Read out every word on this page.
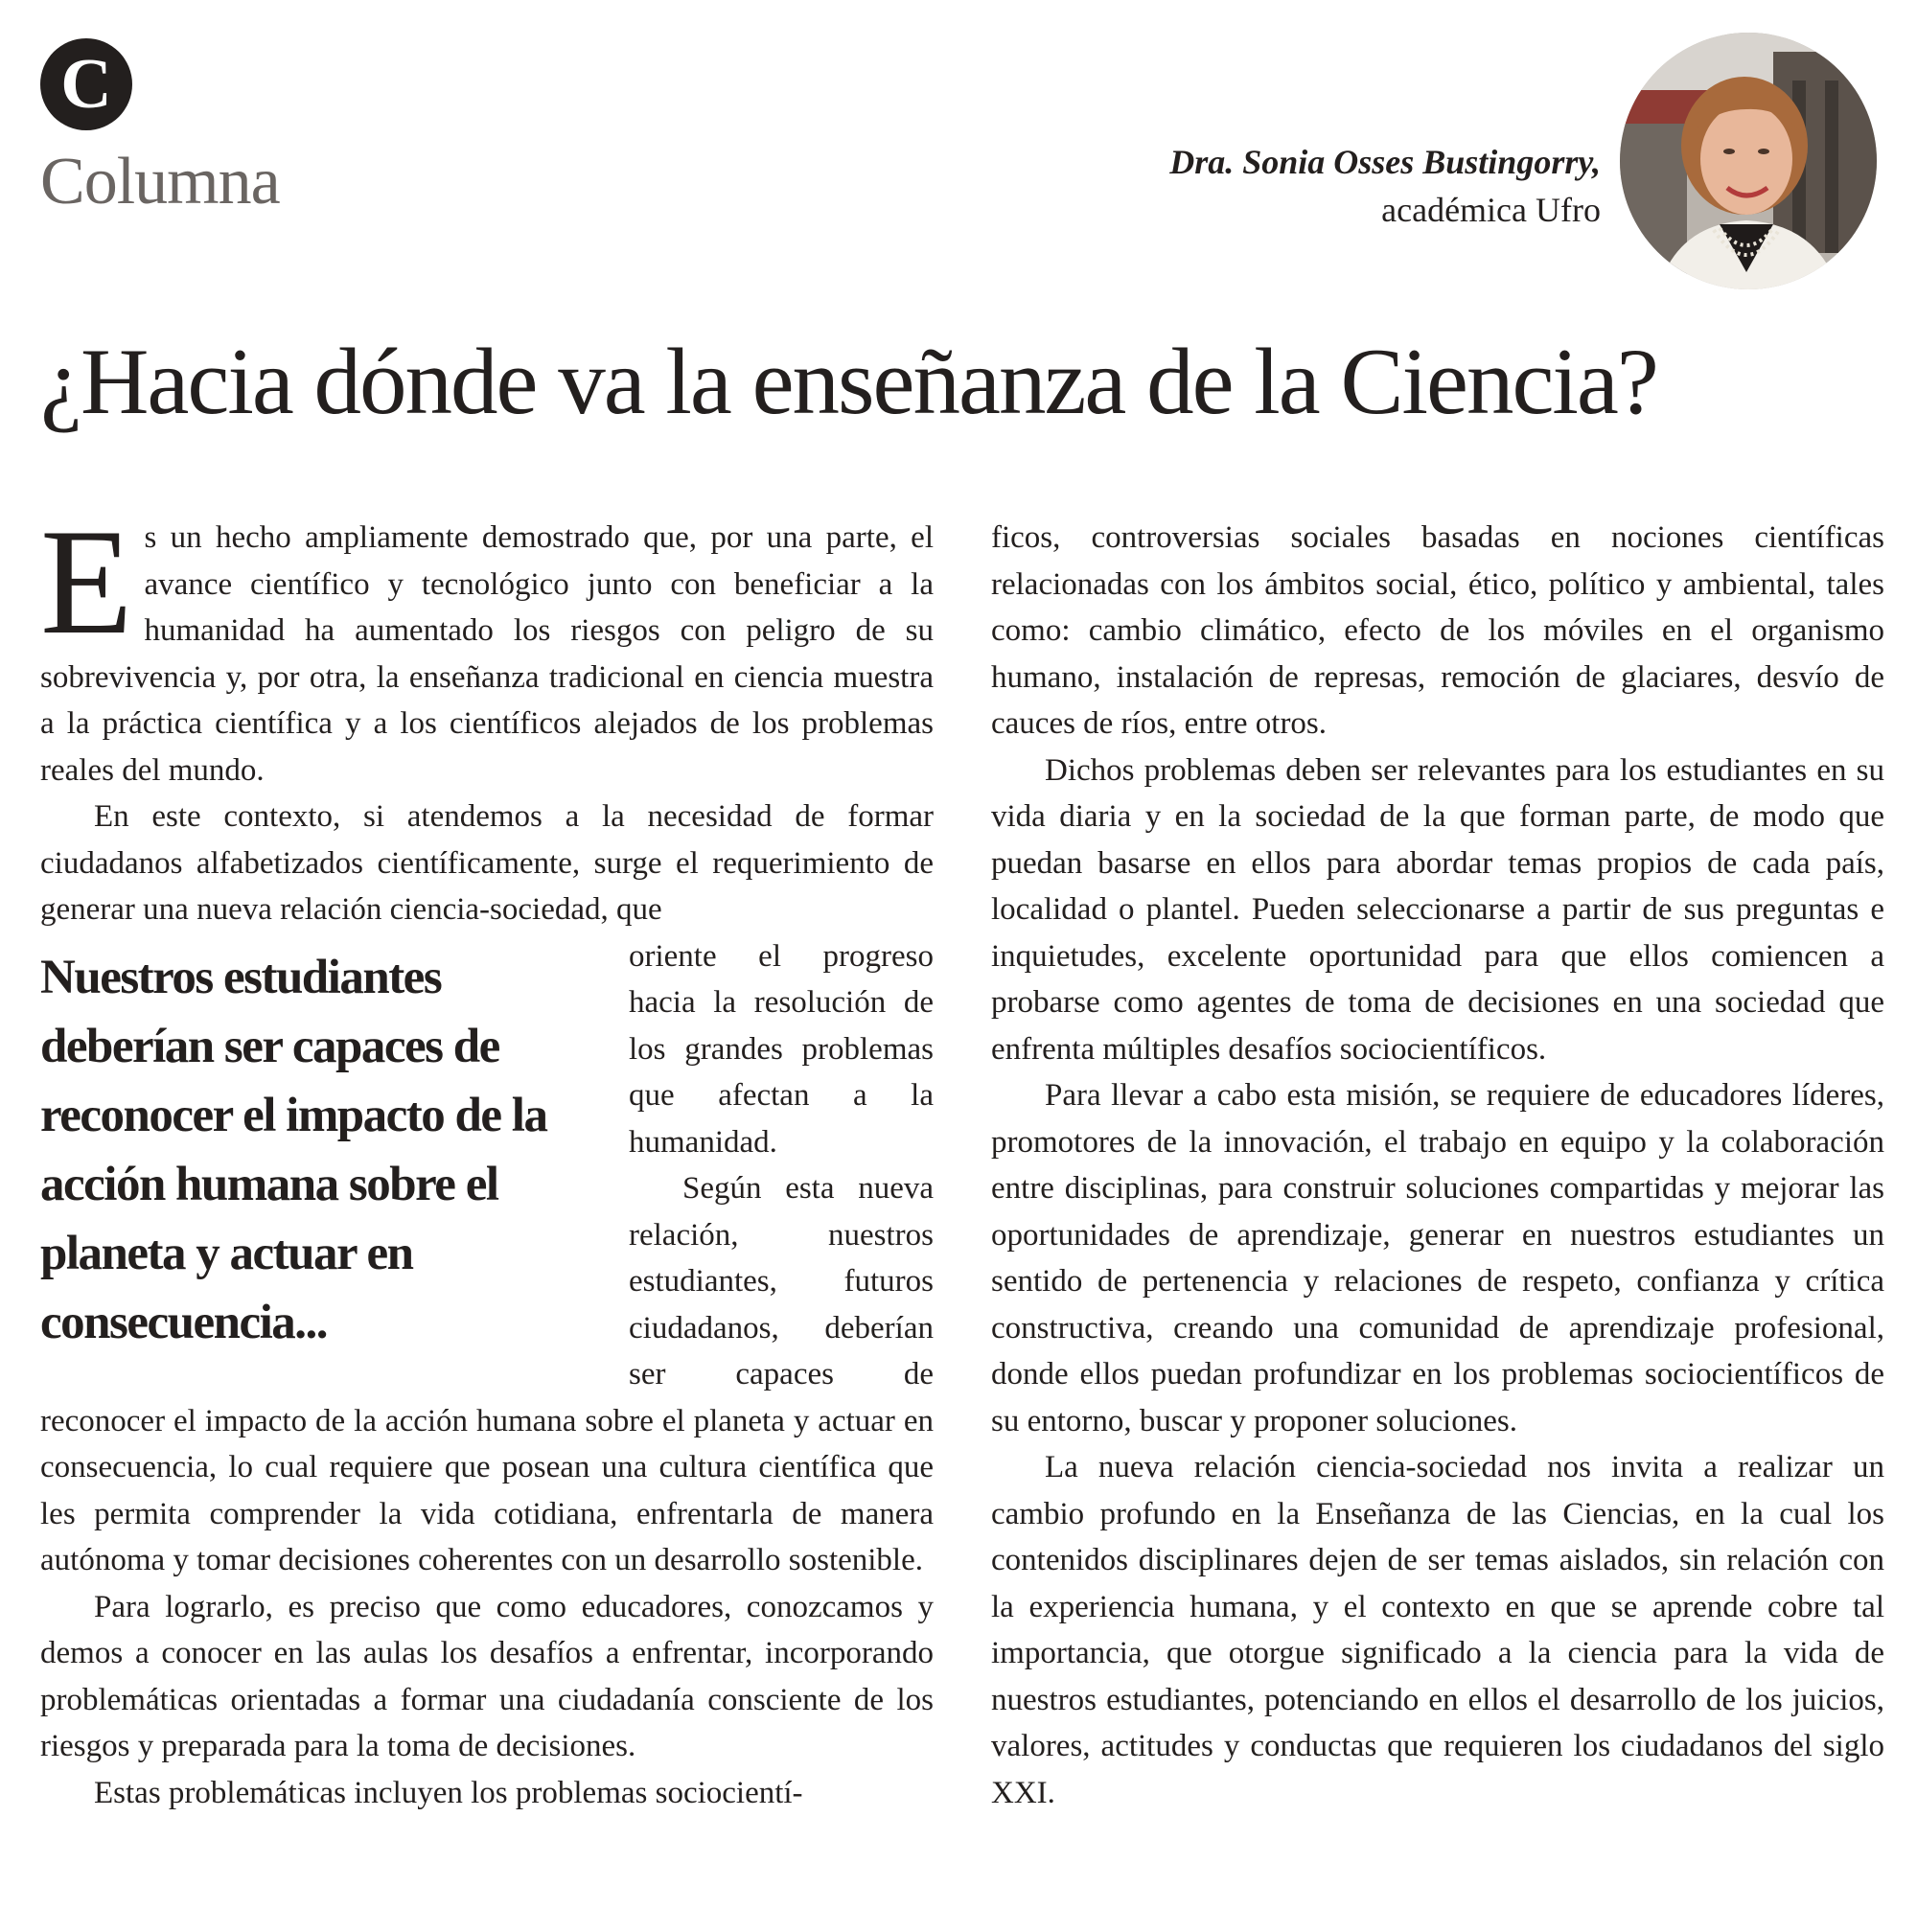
C
Columna	Dra. Sonia Osses Bustingorry,
académica Ufro
¿Hacia dónde va la enseñanza de la Ciencia?

Es un hecho ampliamente demostrado que, por una parte, el avance científico y tecnológico junto con beneficiar a la humanidad ha aumentado los riesgos con peligro de su sobrevivencia y, por otra, la enseñanza tradicional en ciencia muestra a la práctica científica y a los científicos alejados de los problemas reales del mundo.

En este contexto, si atendemos a la necesidad de formar ciudadanos alfabetizados científicamente, surge el requerimiento de generar una nueva relación ciencia-sociedad, que

Nuestros estudiantes deberían ser capaces de reconocer el impacto de la acción humana sobre el planeta y actuar en consecuencia...

oriente el progreso hacia la resolución de los grandes problemas que afectan a la humanidad.

Según esta nueva relación, nuestros estudiantes, futuros ciudadanos, deberían ser capaces de reconocer el impacto de la acción humana sobre el planeta y actuar en consecuencia, lo cual requiere que posean una cultura científica que les permita comprender la vida cotidiana, enfrentarla de manera autónoma y tomar decisiones coherentes con un desarrollo sostenible.

Para lograrlo, es preciso que como educadores, conozcamos y demos a conocer en las aulas los desafíos a enfrentar, incorporando problemáticas orientadas a formar una ciudadanía consciente de los riesgos y preparada para la toma de decisiones.

Estas problemáticas incluyen los problemas sociocientí-

ficos, controversias sociales basadas en nociones científicas relacionadas con los ámbitos social, ético, político y ambiental, tales como: cambio climático, efecto de los móviles en el organismo humano, instalación de represas, remoción de glaciares, desvío de cauces de ríos, entre otros.

Dichos problemas deben ser relevantes para los estudiantes en su vida diaria y en la sociedad de la que forman parte, de modo que puedan basarse en ellos para abordar temas propios de cada país, localidad o plantel. Pueden seleccionarse a partir de sus preguntas e inquietudes, excelente oportunidad para que ellos comiencen a probarse como agentes de toma de decisiones en una sociedad que enfrenta múltiples desafíos sociocientíficos.

Para llevar a cabo esta misión, se requiere de educadores líderes, promotores de la innovación, el trabajo en equipo y la colaboración entre disciplinas, para construir soluciones compartidas y mejorar las oportunidades de aprendizaje, generar en nuestros estudiantes un sentido de pertenencia y relaciones de respeto, confianza y crítica constructiva, creando una comunidad de aprendizaje profesional, donde ellos puedan profundizar en los problemas sociocientíficos de su entorno, buscar y proponer soluciones.

La nueva relación ciencia-sociedad nos invita a realizar un cambio profundo en la Enseñanza de las Ciencias, en la cual los contenidos disciplinares dejen de ser temas aislados, sin relación con la experiencia humana, y el contexto en que se aprende cobre tal importancia, que otorgue significado a la ciencia para la vida de nuestros estudiantes, potenciando en ellos el desarrollo de los juicios, valores, actitudes y conductas que requieren los ciudadanos del siglo XXI.
